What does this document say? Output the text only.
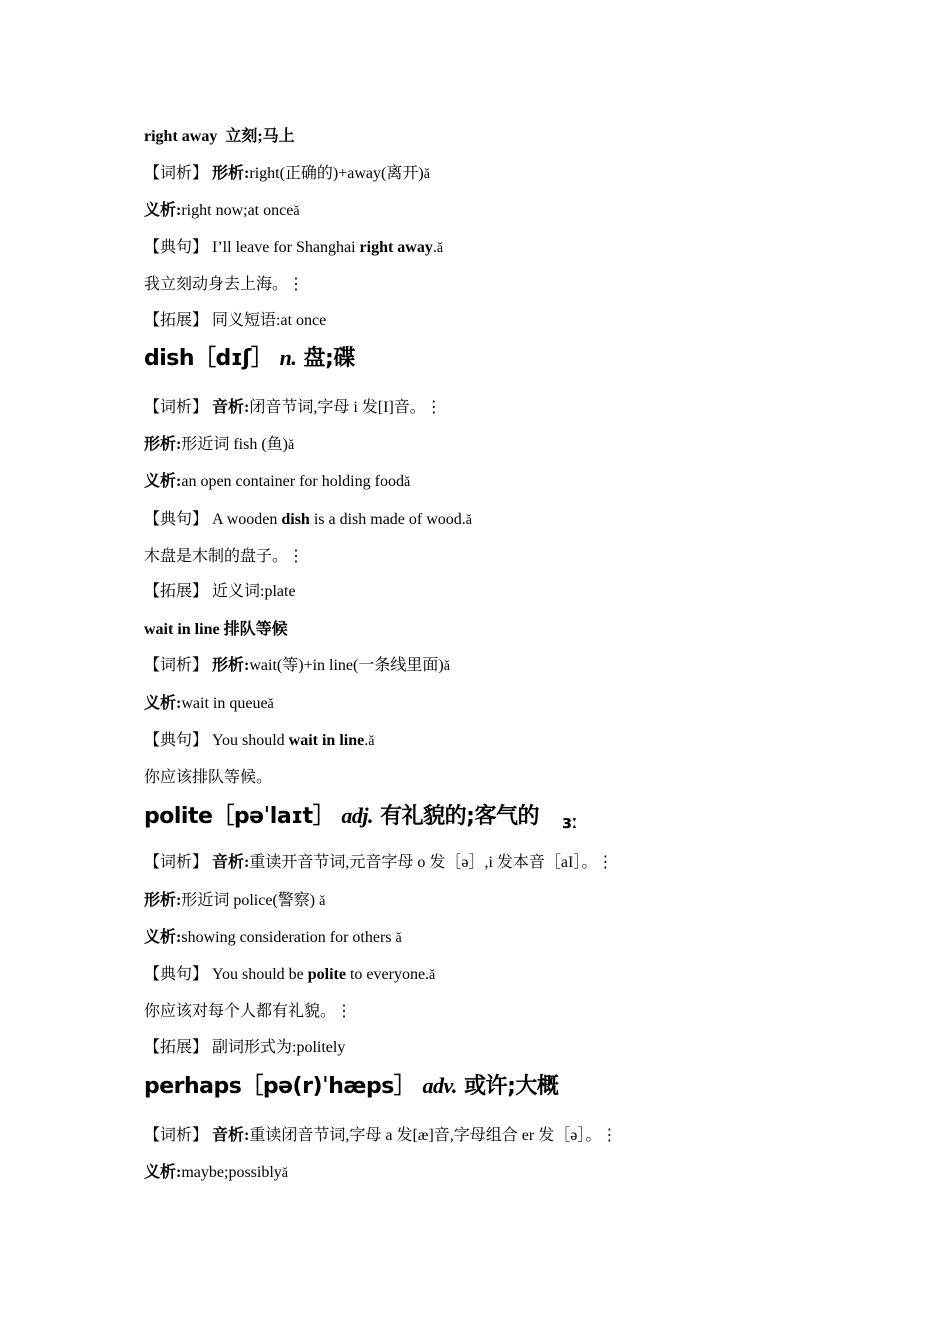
right away 立刻;马上
【词析】 形析:right(正确的)+away(离开)ǎ
义析:right now;at onceǎ
【典句】 I’ll leave for Shanghai right away.ǎ
我立刻动身去上海。⋮
【拓展】 同义短语:at once
dish［dɪʃ］ n. 盘;碟
【词析】 音析:闭音节词,字母 i 发[I]音。⋮
形析:形近词 fish (鱼)ǎ
义析:an open container for holding foodǎ
【典句】 A wooden dish is a dish made of wood.ǎ
木盘是木制的盘子。⋮
【拓展】 近义词:plate
wait in line 排队等候
【词析】 形析:wait(等)+in line(一条线里面)ǎ
义析:wait in queueǎ
【典句】 You should wait in line.ǎ
你应该排队等候。
polite［pəˈlaɪt］ adj. 有礼貌的;客气的 ɜː
【词析】 音析:重读开音节词,元音字母 o 发［ə］,i 发本音［aI］。⋮
形析:形近词 police(警察) ǎ
义析:showing consideration for others ǎ
【典句】 You should be polite to everyone.ǎ
你应该对每个人都有礼貌。⋮
【拓展】 副词形式为:politely
perhaps［pə(r)ˈhæps］ adv. 或许;大概
【词析】 音析:重读闭音节词,字母 a 发[æ]音,字母组合 er 发［ə］。⋮
义析:maybe;possiblyǎ
